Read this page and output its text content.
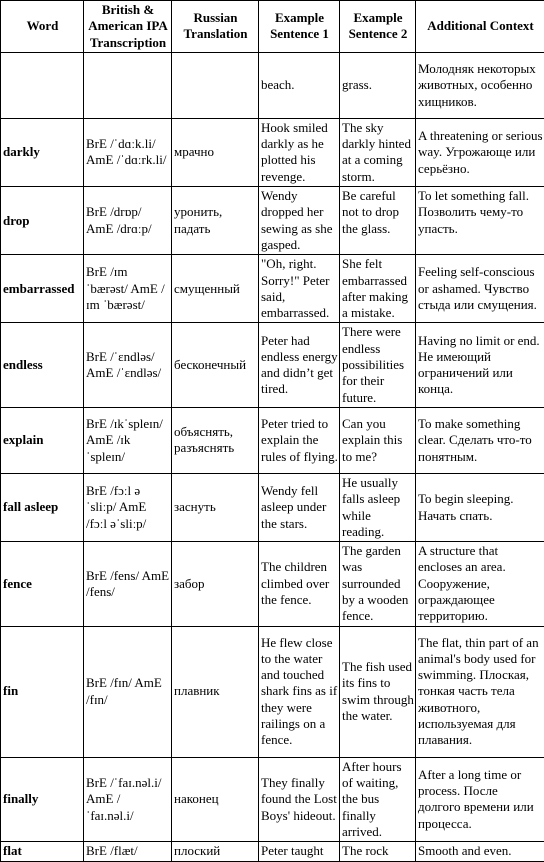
Word	British & American IPA Transcription	Russian Translation	Example Sentence 1	Example Sentence 2	Additional Context
			beach.	grass.	Молодняк некоторых животных, особенно хищников.
darkly	BrE /ˈdɑːk.li/ AmE /ˈdɑːrk.li/	мрачно	Hook smiled darkly as he plotted his revenge.	The sky darkly hinted at a coming storm.	A threatening or serious way. Угрожающе или серьёзно.
drop	BrE /drɒp/ AmE /drɑːp/	уронить, падать	Wendy dropped her sewing as she gasped.	Be careful not to drop the glass.	To let something fall. Позволить чему-то упасть.
embarrassed	BrE /ɪm ˈbærəst/ AmE /ɪm ˈbærəst/	смущенный	"Oh, right. Sorry!" Peter said, embarrassed.	She felt embarrassed after making a mistake.	Feeling self-conscious or ashamed. Чувство стыда или смущения.
endless	BrE /ˈɛndləs/ AmE /ˈɛndləs/	бесконечный	Peter had endless energy and didn’t get tired.	There were endless possibilities for their future.	Having no limit or end. Не имеющий ограничений или конца.
explain	BrE /ɪkˈspleɪn/ AmE /ɪk ˈspleɪn/	объяснять, разъяснять	Peter tried to explain the rules of flying.	Can you explain this to me?	To make something clear. Сделать что-то понятным.
fall asleep	BrE /fɔːl ə ˈsliːp/ AmE /fɔːl əˈsliːp/	заснуть	Wendy fell asleep under the stars.	He usually falls asleep while reading.	To begin sleeping. Начать спать.
fence	BrE /fens/ AmE /fens/	забор	The children climbed over the fence.	The garden was surrounded by a wooden fence.	A structure that encloses an area. Сооружение, ограждающее территорию.
fin	BrE /fɪn/ AmE /fɪn/	плавник	He flew close to the water and touched shark fins as if they were railings on a fence.	The fish used its fins to swim through the water.	The flat, thin part of an animal's body used for swimming. Плоская, тонкая часть тела животного, используемая для плавания.
finally	BrE /ˈfaɪ.nəl.i/ AmE / ˈfaɪ.nəl.i/	наконец	They finally found the Lost Boys' hideout.	After hours of waiting, the bus finally arrived.	After a long time or process. После долгого времени или процесса.
flat	BrE /flæt/	плоский	Peter taught	The rock	Smooth and even.
